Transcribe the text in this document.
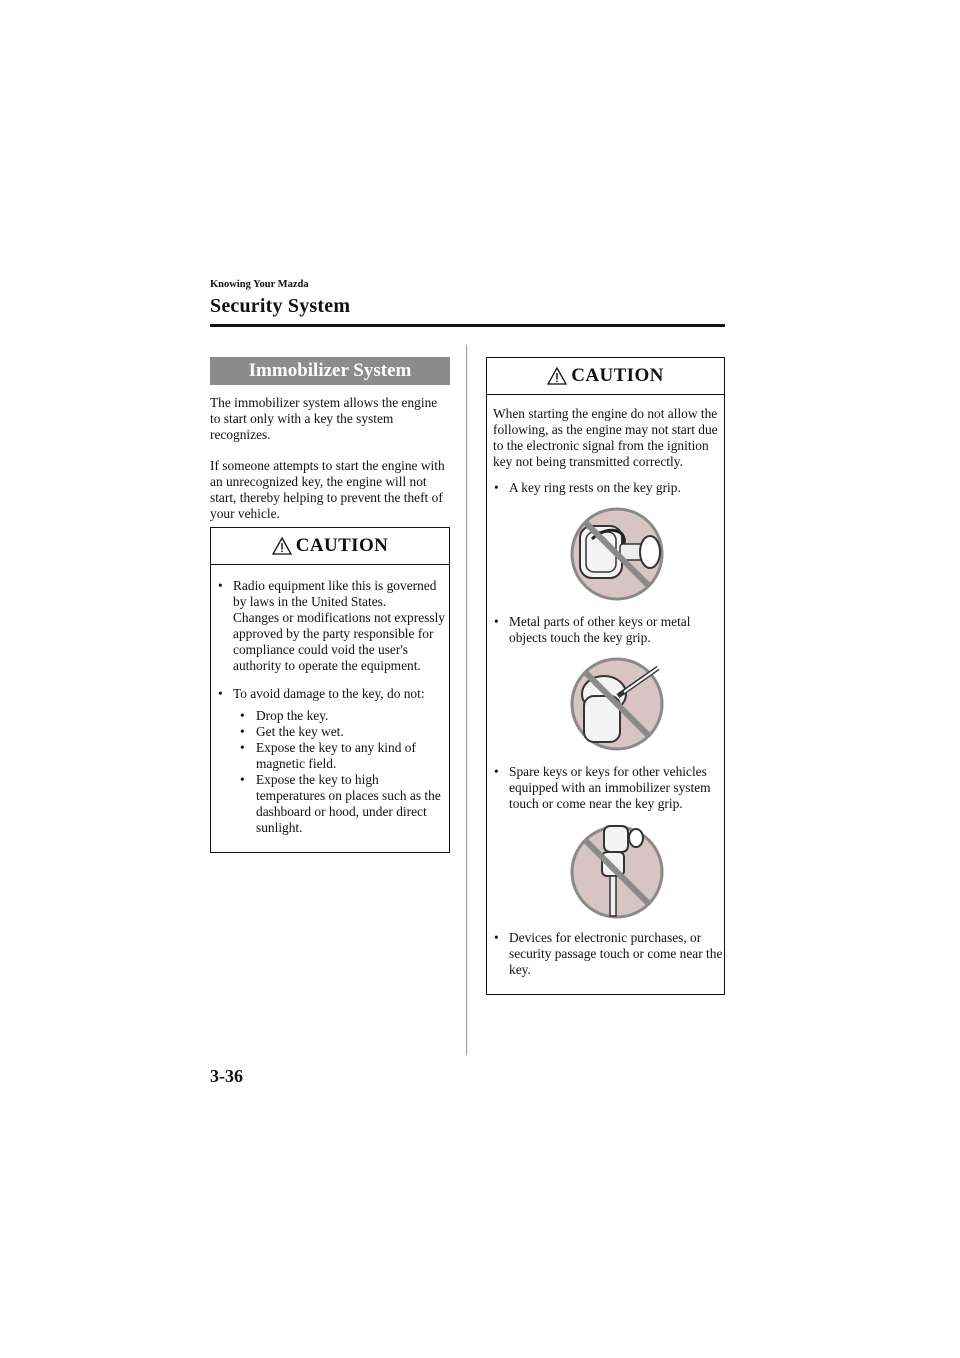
Knowing Your Mazda
Security System
Immobilizer System

The immobilizer system allows the engine to start only with a key the system recognizes.

If someone attempts to start the engine with an unrecognized key, the engine will not start, thereby helping to prevent the theft of your vehicle.

CAUTION
• Radio equipment like this is governed by laws in the United States.
Changes or modifications not expressly approved by the party responsible for compliance could void the user's authority to operate the equipment.
• To avoid damage to the key, do not:
• Drop the key.
• Get the key wet.
• Expose the key to any kind of magnetic field.
• Expose the key to high temperatures on places such as the dashboard or hood, under direct sunlight.
CAUTION
When starting the engine do not allow the following, as the engine may not start due to the electronic signal from the ignition key not being transmitted correctly.
• A key ring rests on the key grip.
• Metal parts of other keys or metal objects touch the key grip.
• Spare keys or keys for other vehicles equipped with an immobilizer system touch or come near the key grip.
• Devices for electronic purchases, or security passage touch or come near the key.
3-36
